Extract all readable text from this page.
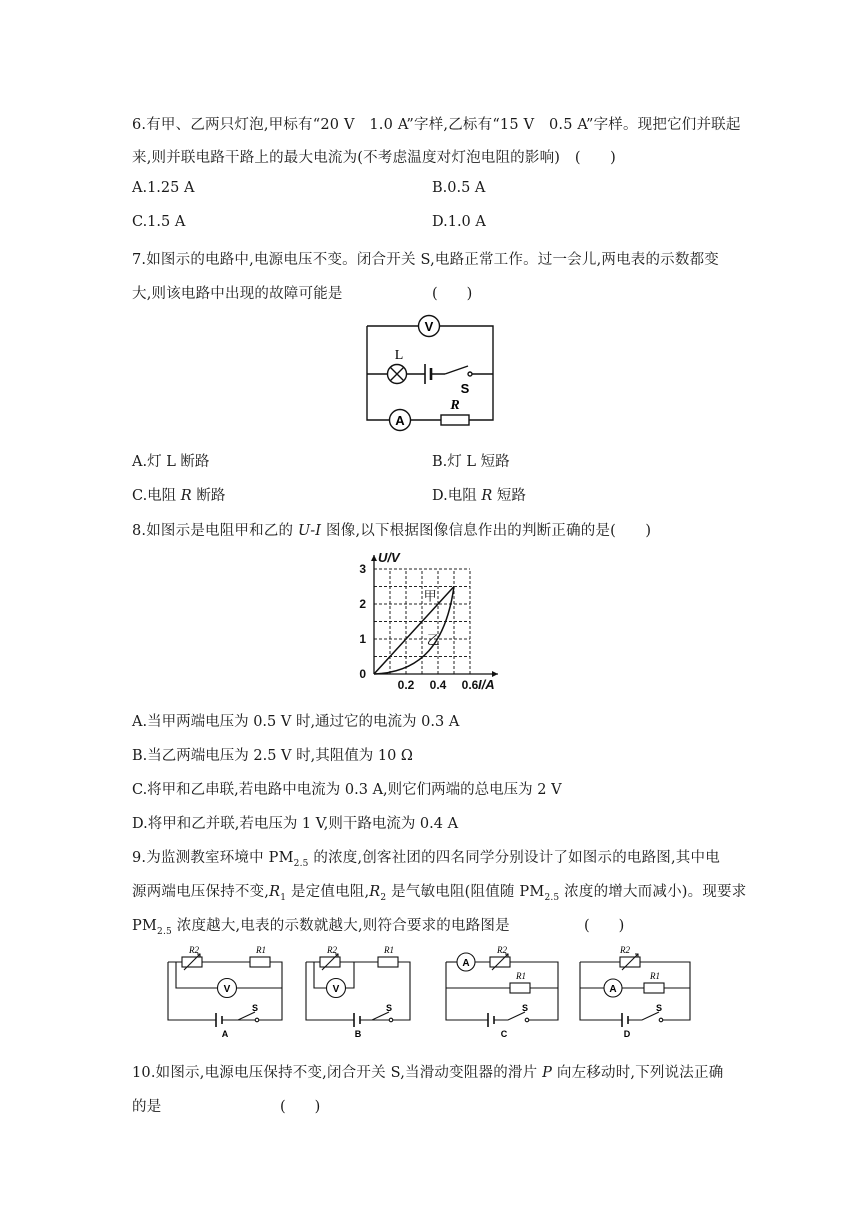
6.有甲、乙两只灯泡,甲标有“20 V　1.0 A”字样,乙标有“15 V　0.5 A”字样。现把它们并联起
来,则并联电路干路上的最大电流为(不考虑温度对灯泡电阻的影响)　(　　)
A.1.25 A	B.0.5 A
C.1.5 A	D.1.0 A
7.如图示的电路中,电源电压不变。闭合开关 S,电路正常工作。过一会儿,两电表的示数都变
大,则该电路中出现的故障可能是	(　　)
V
A
L
S
R
A.灯 L 断路	B.灯 L 短路
C.电阻 R 断路	D.电阻 R 短路
8.如图示是电阻甲和乙的 U-I 图像,以下根据图像信息作出的判断正确的是(　　)
甲
乙
0.2 0.4 0.6
1
2
3
0
I/A
U/V
A.当甲两端电压为 0.5 V 时,通过它的电流为 0.3 A
B.当乙两端电压为 2.5 V 时,其阻值为 10 Ω
C.将甲和乙串联,若电路中电流为 0.3 A,则它们两端的总电压为 2 V
D.将甲和乙并联,若电压为 1 V,则干路电流为 0.4 A
9.为监测教室环境中 $PM_{2.5}$ 的浓度,创客社团的四名同学分别设计了如图示的电路图,其中电
源两端电压保持不变$,R_1$ 是定值电阻$,R_2$ 是气敏电阻(阻值随 $PM_{2.5}$ 浓度的增大而减小)。现要求
$PM_{2.5}$ 浓度越大,电表的示数就越大,则符合要求的电路图是	(　　)
R2	R1
V
S
A
R2	R1
V
S
B
A
R2
R1
S
C
R2
A
R1
S
D
10.如图示,电源电压保持不变,闭合开关 S,当滑动变阻器的滑片 P 向左移动时,下列说法正确
的是	(　　)
